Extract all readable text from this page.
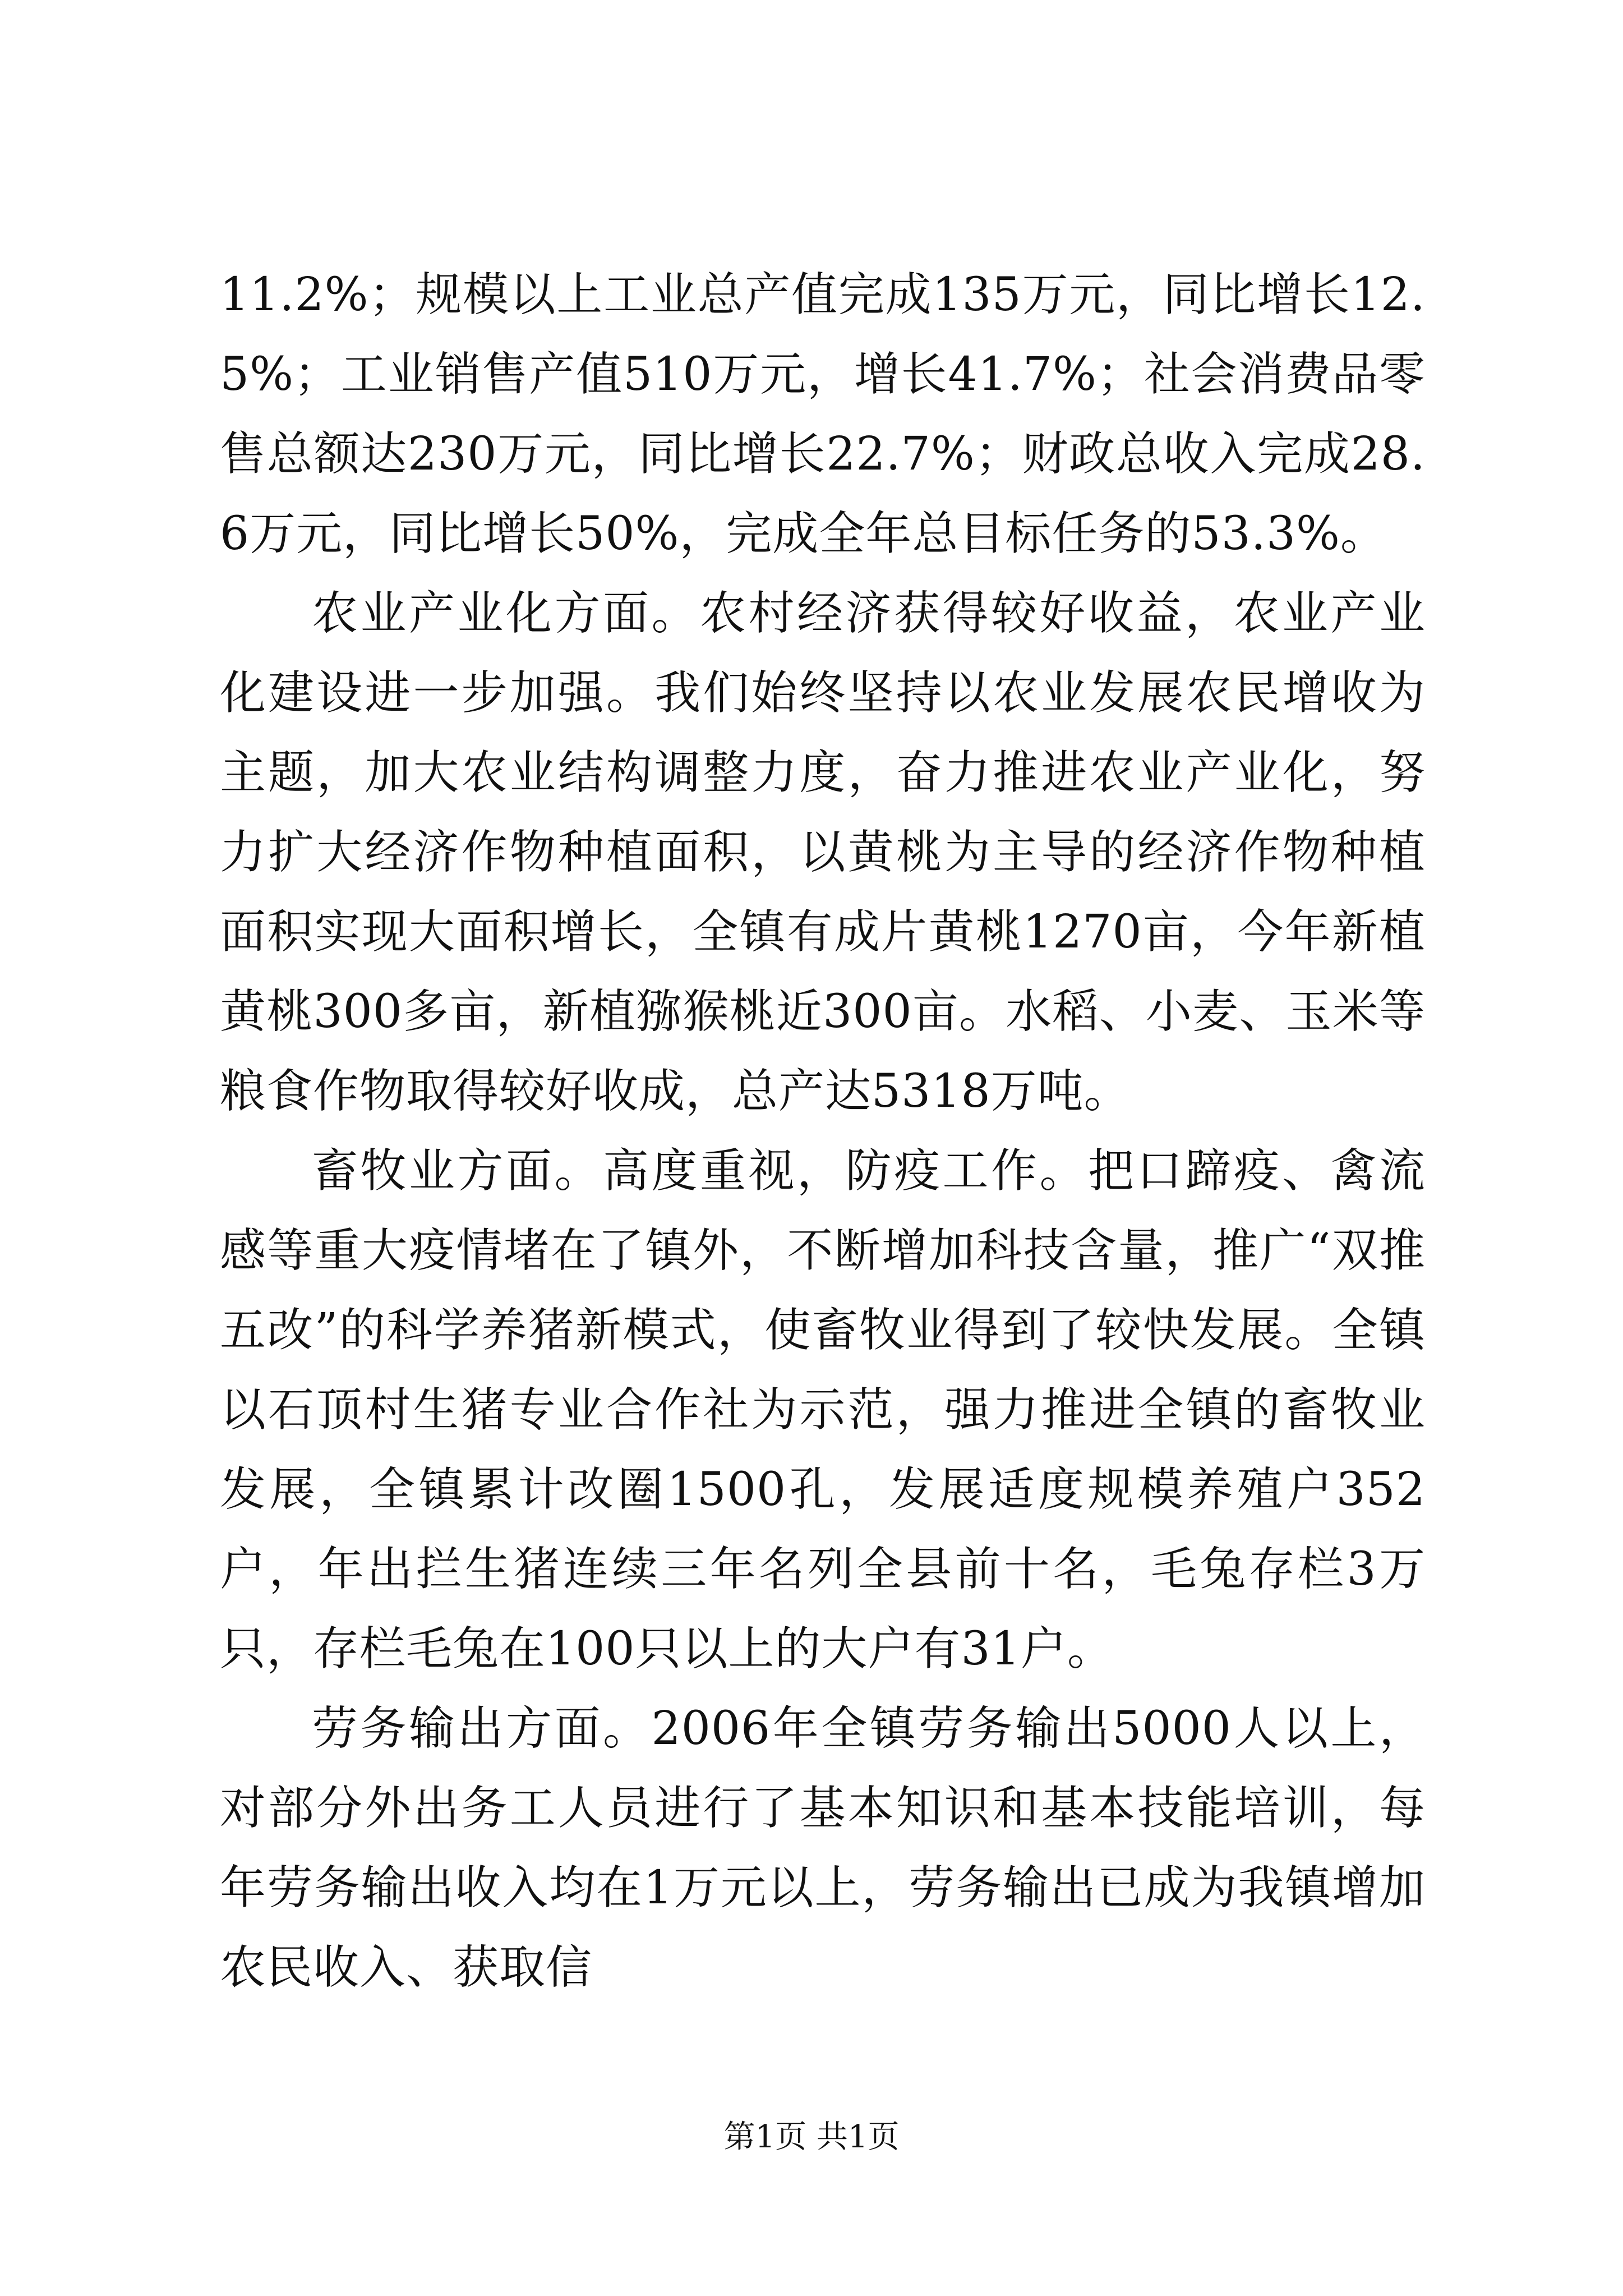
11.2%；规模以上工业总产值完成135万元，同比增长12.5%；工业销售产值510万元，增长41.7%；社会消费品零售总额达230万元，同比增长22.7%；财政总收入完成28.6万元，同比增长50%，完成全年总目标任务的53.3%。

农业产业化方面。农村经济获得较好收益，农业产业化建设进一步加强。我们始终坚持以农业发展农民增收为主题，加大农业结构调整力度，奋力推进农业产业化，努力扩大经济作物种植面积，以黄桃为主导的经济作物种植面积实现大面积增长，全镇有成片黄桃1270亩，今年新植黄桃300多亩，新植猕猴桃近300亩。水稻、小麦、玉米等粮食作物取得较好收成，总产达5318万吨。

畜牧业方面。高度重视，防疫工作。把口蹄疫、禽流感等重大疫情堵在了镇外，不断增加科技含量，推广“双推五改”的科学养猪新模式，使畜牧业得到了较快发展。全镇以石顶村生猪专业合作社为示范，强力推进全镇的畜牧业发展，全镇累计改圈1500孔，发展适度规模养殖户352户，年出拦生猪连续三年名列全县前十名，毛兔存栏3万只，存栏毛兔在100只以上的大户有31户。

劳务输出方面。2006年全镇劳务输出5000人以上，对部分外出务工人员进行了基本知识和基本技能培训，每年劳务输出收入均在1万元以上，劳务输出已成为我镇增加农民收入、获取信

第1页 共1页
